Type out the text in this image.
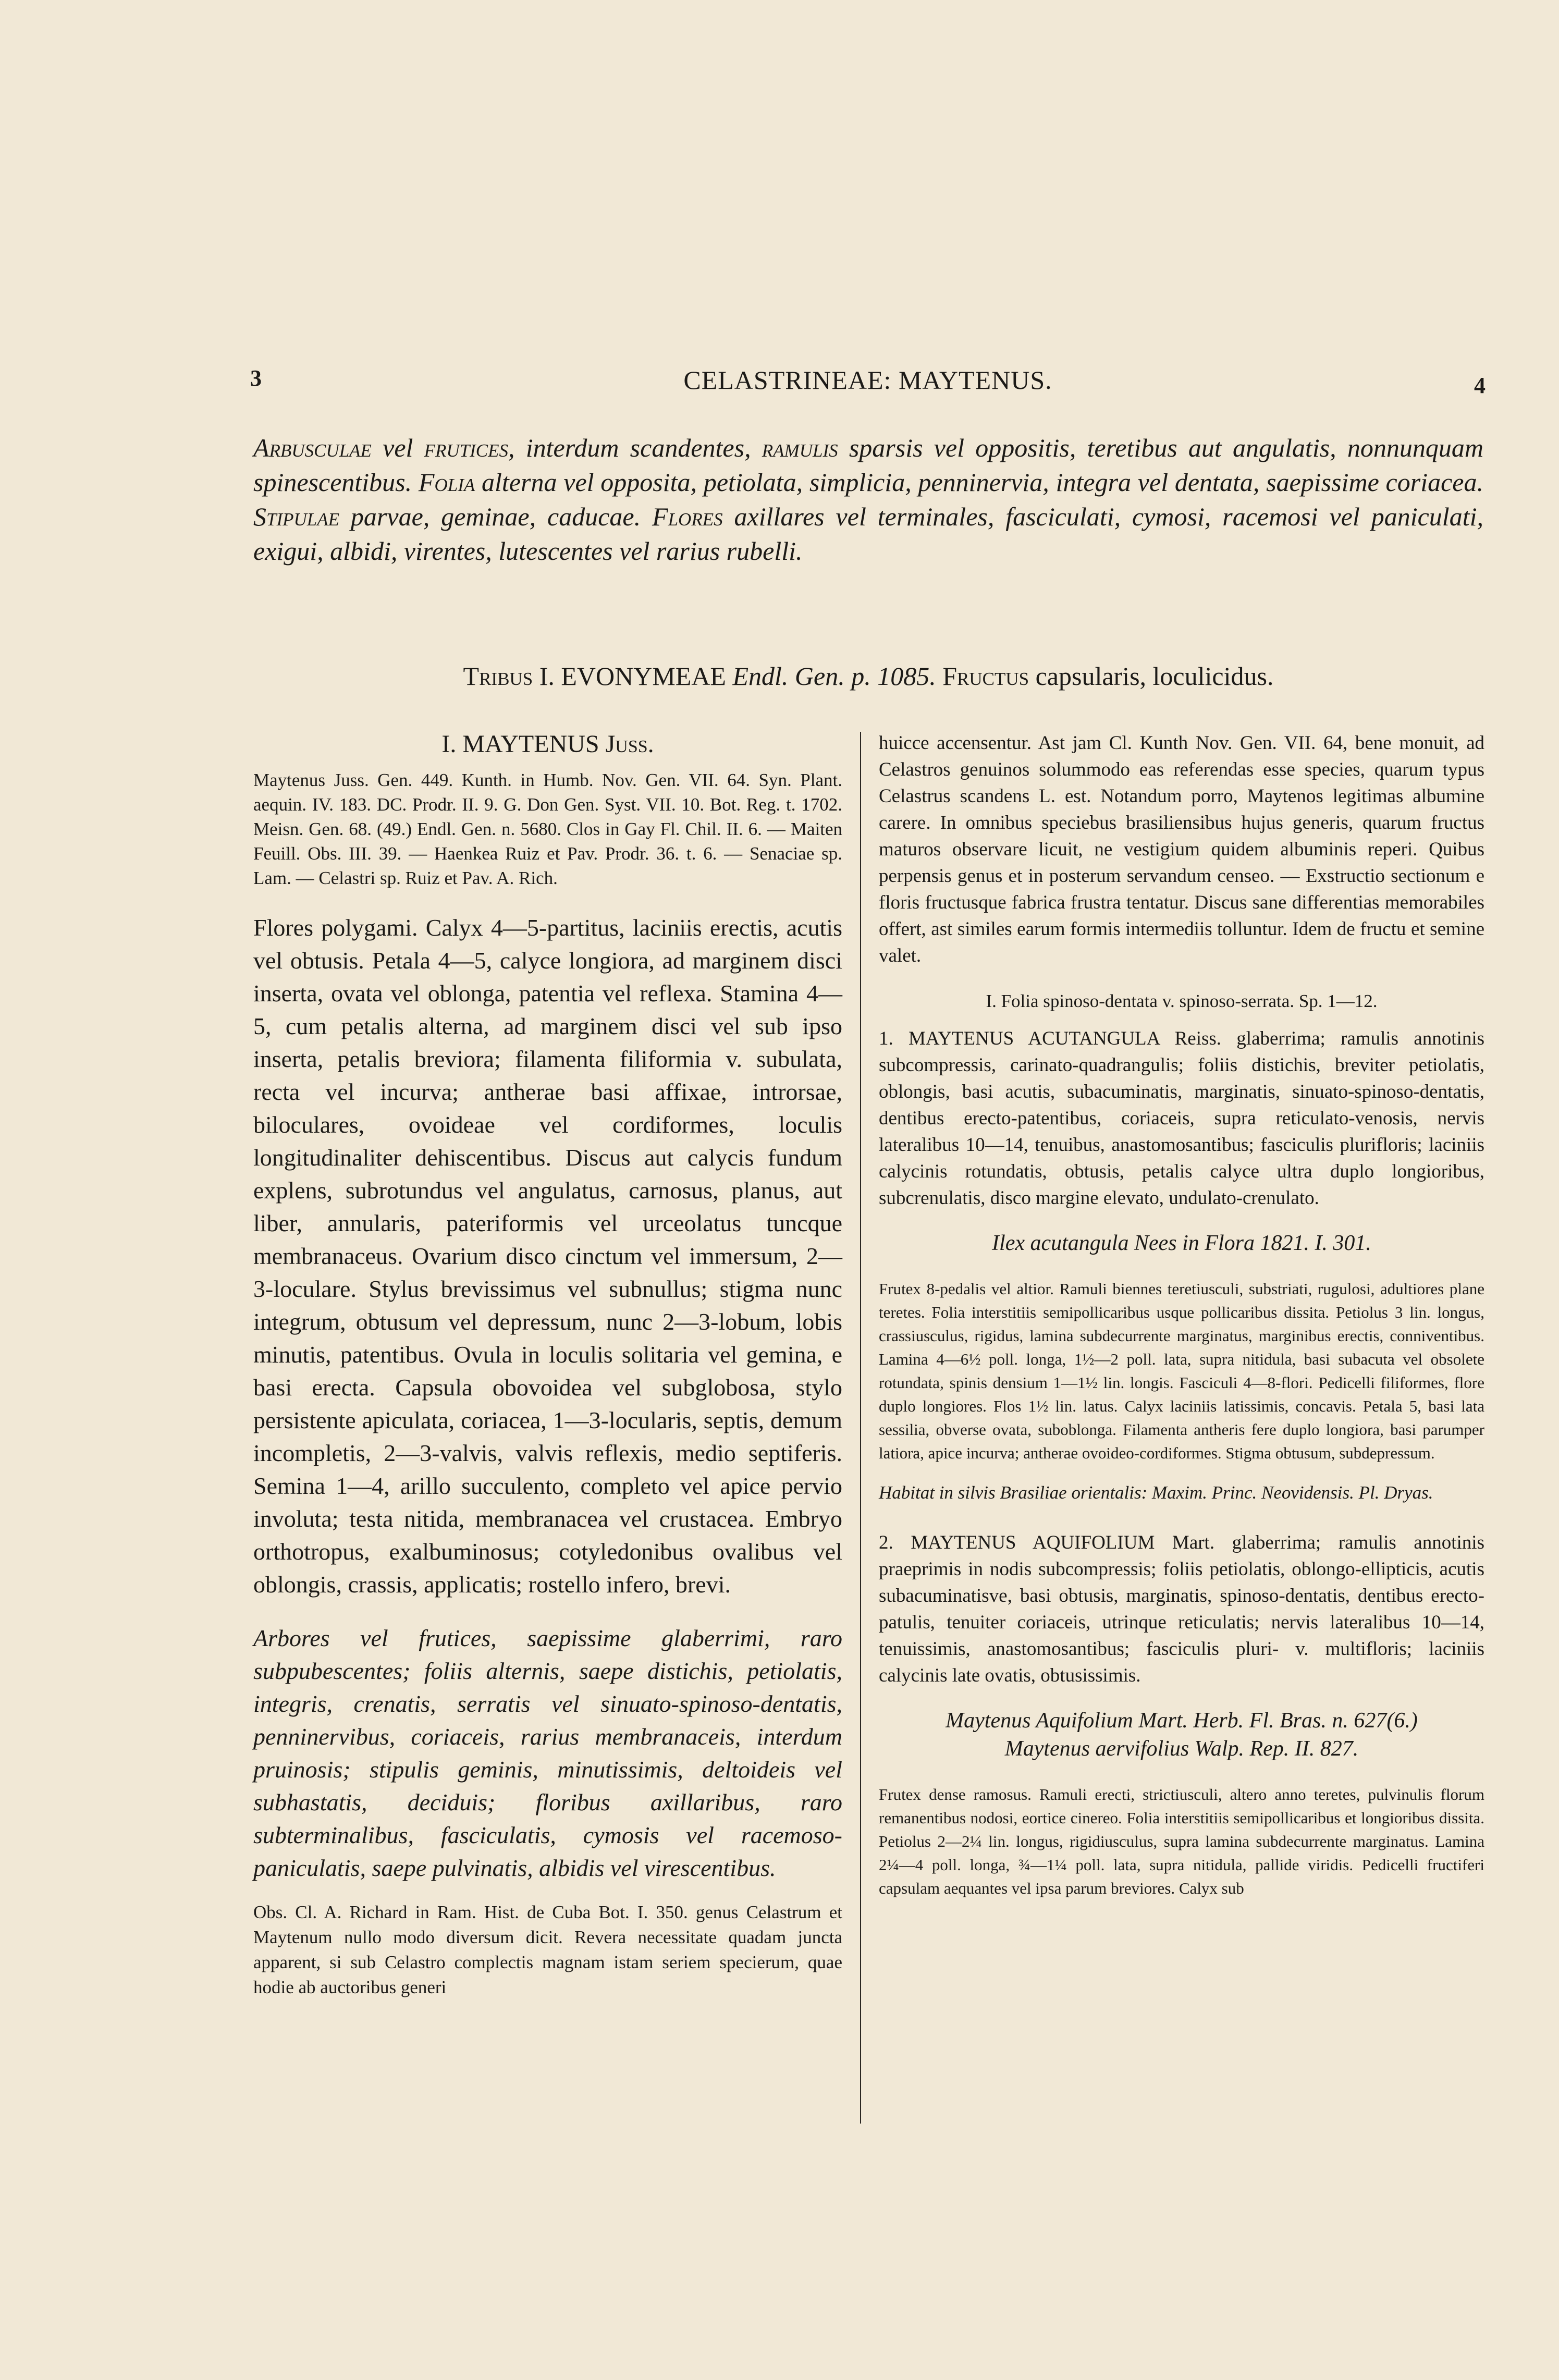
3	CELASTRINEAE: MAYTENUS.	4

Arbusculae vel frutices, interdum scandentes, ramulis sparsis vel oppositis, teretibus aut angulatis, nonnunquam spinescentibus. Folia alterna vel opposita, petiolata, simplicia, penninervia, integra vel dentata, saepissime coriacea. Stipulae parvae, geminae, caducae. Flores axillares vel terminales, fasciculati, cymosi, racemosi vel paniculati, exigui, albidi, virentes, lutescentes vel rarius rubelli.

Tribus I. EVONYMEAE Endl. Gen. p. 1085. Fructus capsularis, loculicidus.
I. MAYTENUS Juss.

Maytenus Juss. Gen. 449. Kunth. in Humb. Nov. Gen. VII. 64. Syn. Plant. aequin. IV. 183. DC. Prodr. II. 9. G. Don Gen. Syst. VII. 10. Bot. Reg. t. 1702. Meisn. Gen. 68. (49.) Endl. Gen. n. 5680. Clos in Gay Fl. Chil. II. 6. — Maiten Feuill. Obs. III. 39. — Haenkea Ruiz et Pav. Prodr. 36. t. 6. — Senaciae sp. Lam. — Celastri sp. Ruiz et Pav. A. Rich.

Flores polygami. Calyx 4—5-partitus, laciniis erectis, acutis vel obtusis. Petala 4—5, calyce longiora, ad marginem disci inserta, ovata vel oblonga, patentia vel reflexa. Stamina 4—5, cum petalis alterna, ad marginem disci vel sub ipso inserta, petalis breviora; filamenta filiformia v. subulata, recta vel incurva; antherae basi affixae, introrsae, biloculares, ovoideae vel cordiformes, loculis longitudinaliter dehiscentibus. Discus aut calycis fundum explens, subrotundus vel angulatus, carnosus, planus, aut liber, annularis, pateriformis vel urceolatus tuncque membranaceus. Ovarium disco cinctum vel immersum, 2—3-loculare. Stylus brevissimus vel subnullus; stigma nunc integrum, obtusum vel depressum, nunc 2—3-lobum, lobis minutis, patentibus. Ovula in loculis solitaria vel gemina, e basi erecta. Capsula obovoidea vel subglobosa, stylo persistente apiculata, coriacea, 1—3-locularis, septis, demum incompletis, 2—3-valvis, valvis reflexis, medio septiferis. Semina 1—4, arillo succulento, completo vel apice pervio involuta; testa nitida, membranacea vel crustacea. Embryo orthotropus, exalbuminosus; cotyledonibus ovalibus vel oblongis, crassis, applicatis; rostello infero, brevi.

Arbores vel frutices, saepissime glaberrimi, raro subpubescentes; foliis alternis, saepe distichis, petiolatis, integris, crenatis, serratis vel sinuato-spinoso-dentatis, penninervibus, coriaceis, rarius membranaceis, interdum pruinosis; stipulis geminis, minutissimis, deltoideis vel subhastatis, deciduis; floribus axillaribus, raro subterminalibus, fasciculatis, cymosis vel racemoso-paniculatis, saepe pulvinatis, albidis vel virescentibus.

Obs. Cl. A. Richard in Ram. Hist. de Cuba Bot. I. 350. genus Celastrum et Maytenum nullo modo diversum dicit. Revera necessitate quadam juncta apparent, si sub Celastro complectis magnam istam seriem specierum, quae hodie ab auctoribus generi

huicce accensentur. Ast jam Cl. Kunth Nov. Gen. VII. 64, bene monuit, ad Celastros genuinos solummodo eas referendas esse species, quarum typus Celastrus scandens L. est. Notandum porro, Maytenos legitimas albumine carere. In omnibus speciebus brasiliensibus hujus generis, quarum fructus maturos observare licuit, ne vestigium quidem albuminis reperi. Quibus perpensis genus et in posterum servandum censeo. — Exstructio sectionum e floris fructusque fabrica frustra tentatur. Discus sane differentias memorabiles offert, ast similes earum formis intermediis tolluntur. Idem de fructu et semine valet.

I. Folia spinoso-dentata v. spinoso-serrata. Sp. 1—12.

1. MAYTENUS ACUTANGULA Reiss. glaberrima; ramulis annotinis subcompressis, carinato-quadrangulis; foliis distichis, breviter petiolatis, oblongis, basi acutis, subacuminatis, marginatis, sinuato-spinoso-dentatis, dentibus erecto-patentibus, coriaceis, supra reticulato-venosis, nervis lateralibus 10—14, tenuibus, anastomosantibus; fasciculis plurifloris; laciniis calycinis rotundatis, obtusis, petalis calyce ultra duplo longioribus, subcrenulatis, disco margine elevato, undulato-crenulato.

Ilex acutangula Nees in Flora 1821. I. 301.

Frutex 8-pedalis vel altior. Ramuli biennes teretiusculi, substriati, rugulosi, adultiores plane teretes. Folia interstitiis semipollicaribus usque pollicaribus dissita. Petiolus 3 lin. longus, crassiusculus, rigidus, lamina subdecurrente marginatus, marginibus erectis, conniventibus. Lamina 4—6½ poll. longa, 1½—2 poll. lata, supra nitidula, basi subacuta vel obsolete rotundata, spinis densium 1—1½ lin. longis. Fasciculi 4—8-flori. Pedicelli filiformes, flore duplo longiores. Flos 1½ lin. latus. Calyx laciniis latissimis, concavis. Petala 5, basi lata sessilia, obverse ovata, suboblonga. Filamenta antheris fere duplo longiora, basi parumper latiora, apice incurva; antherae ovoideo-cordiformes. Stigma obtusum, subdepressum.

Habitat in silvis Brasiliae orientalis: Maxim. Princ. Neovidensis. Pl. Dryas.

2. MAYTENUS AQUIFOLIUM Mart. glaberrima; ramulis annotinis praeprimis in nodis subcompressis; foliis petiolatis, oblongo-ellipticis, acutis subacuminatisve, basi obtusis, marginatis, spinoso-dentatis, dentibus erecto-patulis, tenuiter coriaceis, utrinque reticulatis; nervis lateralibus 10—14, tenuissimis, anastomosantibus; fasciculis pluri- v. multifloris; laciniis calycinis late ovatis, obtusissimis.

Maytenus Aquifolium Mart. Herb. Fl. Bras. n. 627(6.)
Maytenus aervifolius Walp. Rep. II. 827.

Frutex dense ramosus. Ramuli erecti, strictiusculi, altero anno teretes, pulvinulis florum remanentibus nodosi, eortice cinereo. Folia interstitiis semipollicaribus et longioribus dissita. Petiolus 2—2¼ lin. longus, rigidiusculus, supra lamina subdecurrente marginatus. Lamina 2¼—4 poll. longa, ¾—1¼ poll. lata, supra nitidula, pallide viridis. Pedicelli fructiferi capsulam aequantes vel ipsa parum breviores. Calyx sub
